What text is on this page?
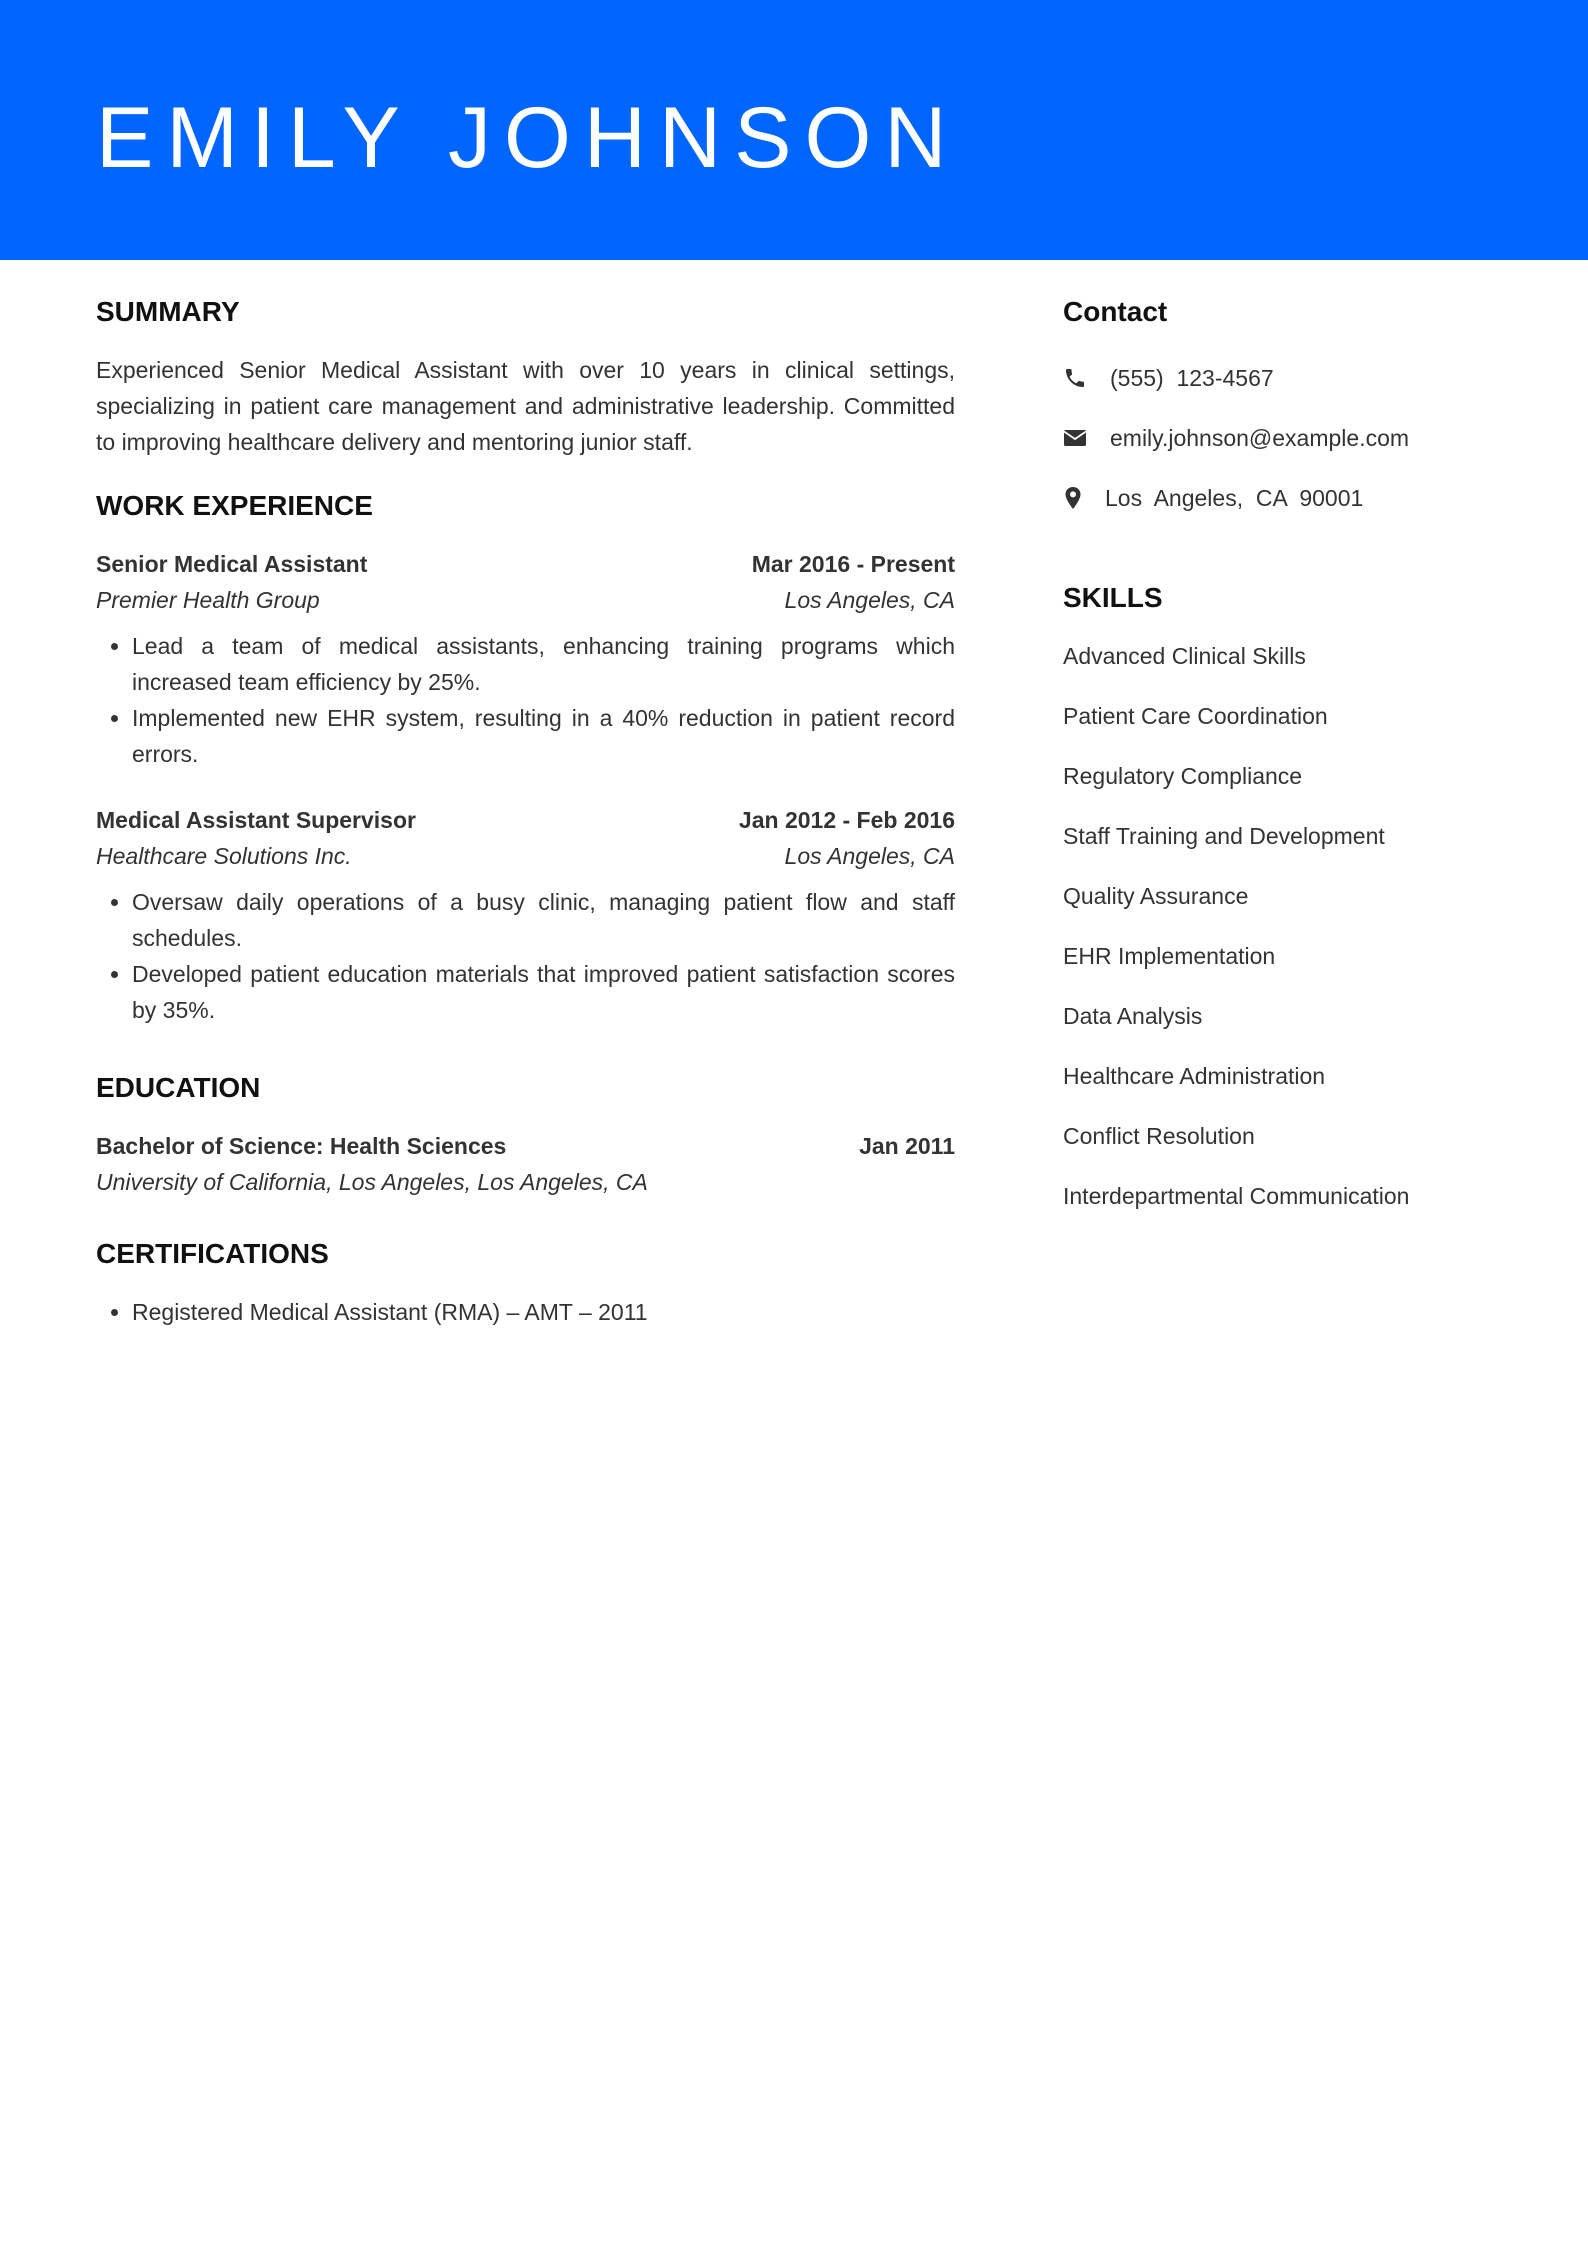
EMILY JOHNSON
SUMMARY

Experienced Senior Medical Assistant with over 10 years in clinical settings, specializing in patient care management and administrative leadership. Committed to improving healthcare delivery and mentoring junior staff.

WORK EXPERIENCE
Senior Medical Assistant	Mar 2016 - Present
Premier Health Group	Los Angeles, CA
• Lead a team of medical assistants, enhancing training programs which increased team efficiency by 25%.
• Implemented new EHR system, resulting in a 40% reduction in patient record errors.
Medical Assistant Supervisor	Jan 2012 - Feb 2016
Healthcare Solutions Inc.	Los Angeles, CA
• Oversaw daily operations of a busy clinic, managing patient flow and staff schedules.
• Developed patient education materials that improved patient satisfaction scores by 35%.
EDUCATION
Bachelor of Science: Health Sciences	Jan 2011
University of California, Los Angeles, Los Angeles, CA
CERTIFICATIONS
• Registered Medical Assistant (RMA) – AMT – 2011
Contact
(555)  123-4567
emily.johnson@example.com
Los  Angeles,  CA  90001
SKILLS
Advanced Clinical Skills
Patient Care Coordination
Regulatory Compliance
Staff Training and Development
Quality Assurance
EHR Implementation
Data Analysis
Healthcare Administration
Conflict Resolution
Interdepartmental Communication
